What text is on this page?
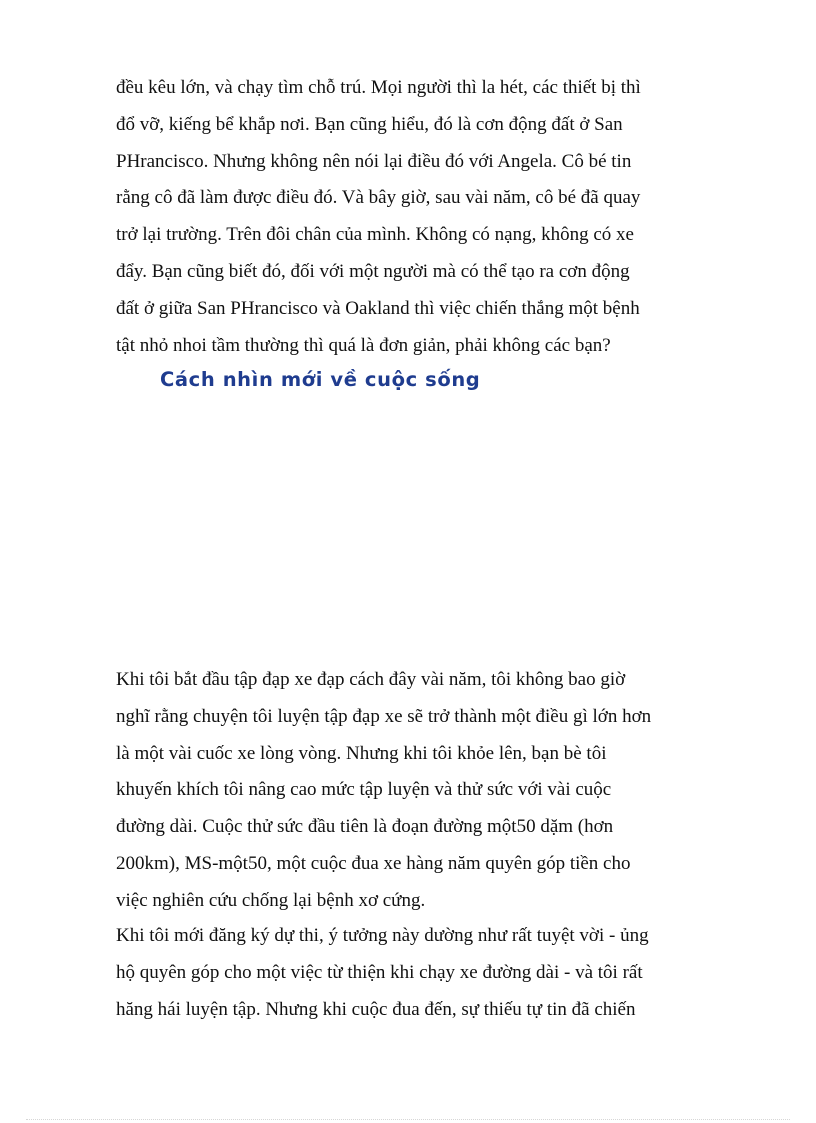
đều kêu lớn, và chạy tìm chỗ trú. Mọi người thì la hét, các thiết bị thì
đổ vỡ, kiếng bể khắp nơi. Bạn cũng hiểu, đó là cơn động đất ở San
PHrancisco. Nhưng không nên nói lại điều đó với Angela. Cô bé tin
rằng cô đã làm được điều đó. Và bây giờ, sau vài năm, cô bé đã quay
trở lại trường. Trên đôi chân của mình. Không có nạng, không có xe
đẩy. Bạn cũng biết đó, đối với một người mà có thể tạo ra cơn động
đất ở giữa San PHrancisco và Oakland thì việc chiến thắng một bệnh
tật nhỏ nhoi tầm thường thì quá là đơn giản, phải không các bạn?

Cách nhìn mới về cuộc sống

Khi tôi bắt đầu tập đạp xe đạp cách đây vài năm, tôi không bao giờ
nghĩ rằng chuyện tôi luyện tập đạp xe sẽ trở thành một điều gì lớn hơn
là một vài cuốc xe lòng vòng. Nhưng khi tôi khỏe lên, bạn bè tôi
khuyến khích tôi nâng cao mức tập luyện và thử sức với vài cuộc
đường dài. Cuộc thử sức đầu tiên là đoạn đường một50 dặm (hơn
200km), MS-một50, một cuộc đua xe hàng năm quyên góp tiền cho
việc nghiên cứu chống lại bệnh xơ cứng.

Khi tôi mới đăng ký dự thi, ý tưởng này dường như rất tuyệt vời - ủng
hộ quyên góp cho một việc từ thiện khi chạy xe đường dài - và tôi rất
hăng hái luyện tập. Nhưng khi cuộc đua đến, sự thiếu tự tin đã chiến
